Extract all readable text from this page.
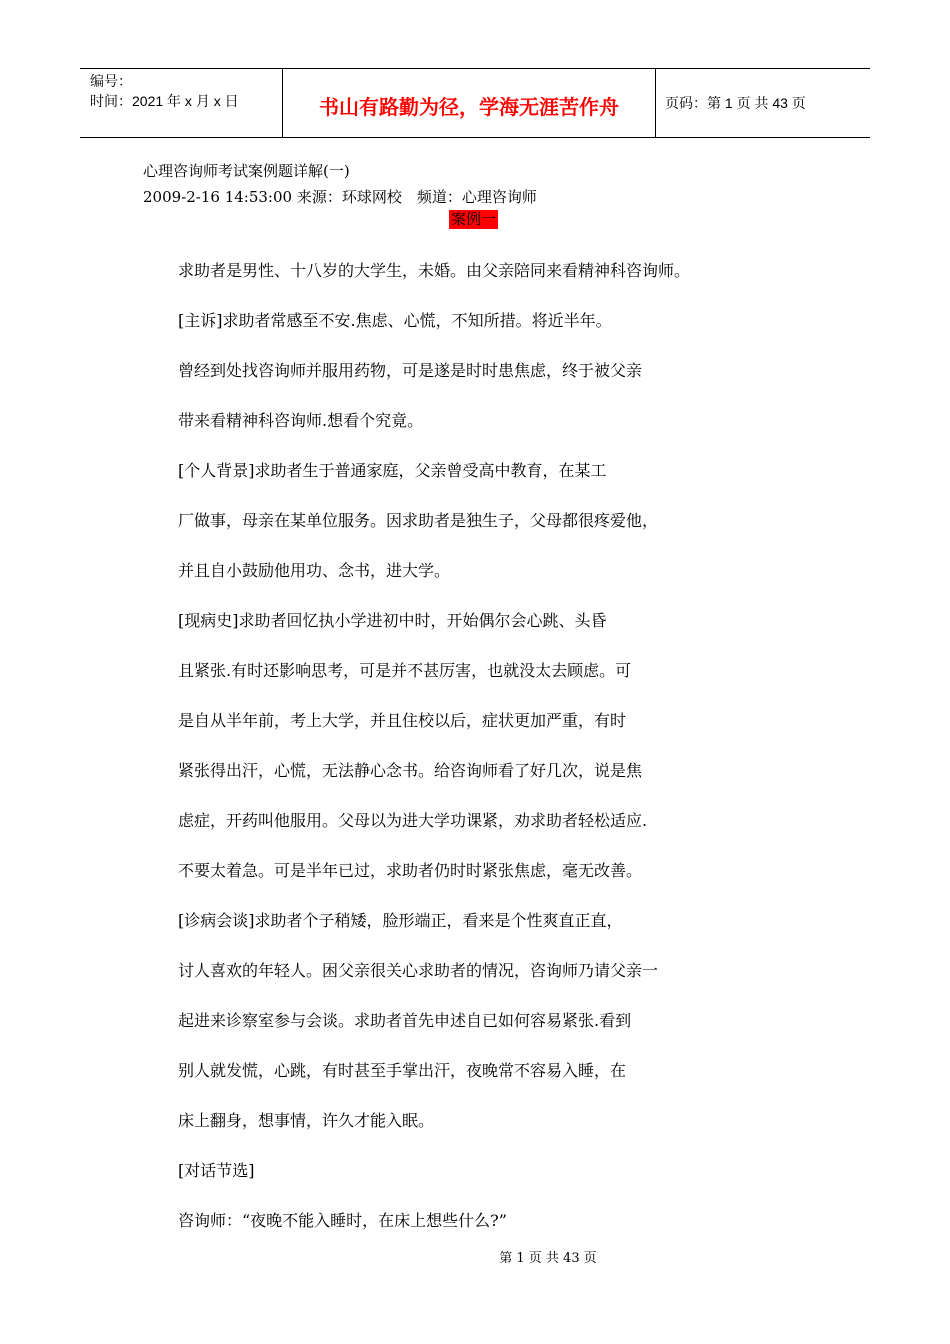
编号：
时间：2021 年 x 月 x 日	书山有路勤为径，学海无涯苦作舟	页码：第 1 页 共 43 页
心理咨询师考试案例题详解(一)
2009-2-16 14:53:00 来源：环球网校　频道：心理咨询师
案例一
求助者是男性、十八岁的大学生，未婚。由父亲陪同来看精神科咨询师。
[主诉]求助者常感至不安.焦虑、心慌，不知所措。将近半年。
曾经到处找咨询师并服用药物，可是遂是时时患焦虑，终于被父亲
带来看精神科咨询师.想看个究竟。
[个人背景]求助者生于普通家庭，父亲曾受高中教育，在某工
厂做事，母亲在某单位服务。因求助者是独生子，父母都很疼爱他，
并且自小鼓励他用功、念书，进大学。
[现病史]求助者回忆执小学进初中时，开始偶尔会心跳、头昏
且紧张.有时还影响思考，可是并不甚厉害，也就没太去顾虑。可
是自从半年前，考上大学，并且住校以后，症状更加严重，有时
紧张得出汗，心慌，无法静心念书。给咨询师看了好几次，说是焦
虑症，开药叫他服用。父母以为进大学功课紧，劝求助者轻松适应.
不要太着急。可是半年已过，求助者仍时时紧张焦虑，毫无改善。
[诊病会谈]求助者个子稍矮，脸形端正，看来是个性爽直正直，
讨人喜欢的年轻人。困父亲很关心求助者的情况，咨询师乃请父亲一
起进来诊察室参与会谈。求助者首先申述自已如何容易紧张.看到
别人就发慌，心跳，有时甚至手掌出汗，夜晚常不容易入睡，在
床上翻身，想事情，许久才能入眠。
[对话节选]
咨询师：“夜晚不能入睡时，在床上想些什么?”
第 1 页 共 43 页
